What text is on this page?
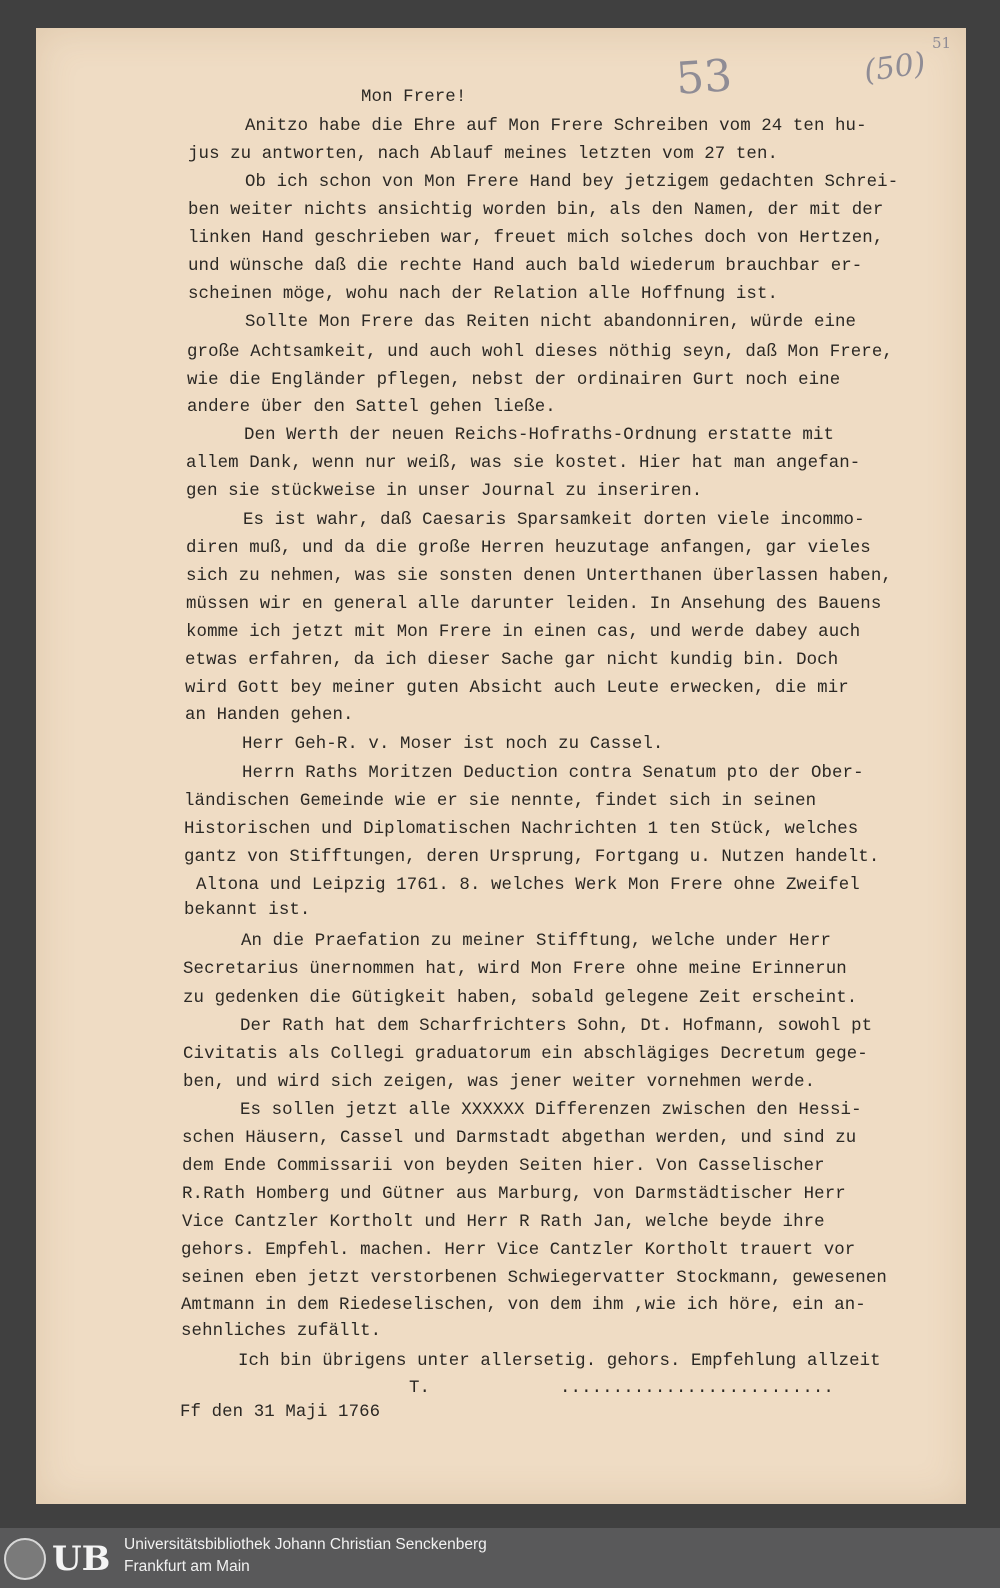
53	(50)
51
Mon Frere!
Anitzo habe die Ehre auf Mon Frere Schreiben vom 24 ten hu-
jus zu antworten, nach Ablauf meines letzten vom 27 ten.
Ob ich schon von Mon Frere Hand bey jetzigem gedachten Schrei-
ben weiter nichts ansichtig worden bin, als den Namen, der mit der
linken Hand geschrieben war, freuet mich solches doch von Hertzen,
und wünsche daß die rechte Hand auch bald wiederum brauchbar er-
scheinen möge, wohu nach der Relation alle Hoffnung ist.
Sollte Mon Frere das Reiten nicht abandonniren, würde eine
große Achtsamkeit, und auch wohl dieses nöthig seyn, daß Mon Frere,
wie die Engländer pflegen, nebst der ordinairen Gurt noch eine
andere über den Sattel gehen ließe.
Den Werth der neuen Reichs-Hofraths-Ordnung erstatte mit
allem Dank, wenn nur weiß, was sie kostet. Hier hat man angefan-
gen sie stückweise in unser Journal zu inseriren.
Es ist wahr, daß Caesaris Sparsamkeit dorten viele incommo-
diren muß, und da die große Herren heuzutage anfangen, gar vieles
sich zu nehmen, was sie sonsten denen Unterthanen überlassen haben,
müssen wir en general alle darunter leiden. In Ansehung des Bauens
komme ich jetzt mit Mon Frere in einen cas, und werde dabey auch
etwas erfahren, da ich dieser Sache gar nicht kundig bin. Doch
wird Gott bey meiner guten Absicht auch Leute erwecken, die mir
an Handen gehen.
Herr Geh-R. v. Moser ist noch zu Cassel.
Herrn Raths Moritzen Deduction contra Senatum pto der Ober-
ländischen Gemeinde wie er sie nennte, findet sich in seinen
Historischen und Diplomatischen Nachrichten 1 ten Stück, welches
gantz von Stifftungen, deren Ursprung, Fortgang u. Nutzen handelt.
Altona und Leipzig 1761. 8. welches Werk Mon Frere ohne Zweifel
bekannt ist.
An die Praefation zu meiner Stifftung, welche under Herr
Secretarius ünernommen hat, wird Mon Frere ohne meine Erinnerun
zu gedenken die Gütigkeit haben, sobald gelegene Zeit erscheint.
Der Rath hat dem Scharfrichters Sohn, Dt. Hofmann, sowohl pt
Civitatis als Collegi graduatorum ein abschlägiges Decretum gege-
ben, und wird sich zeigen, was jener weiter vornehmen werde.
Es sollen jetzt alle XXXXXX Differenzen zwischen den Hessi-
schen Häusern, Cassel und Darmstadt abgethan werden, und sind zu
dem Ende Commissarii von beyden Seiten hier. Von Casselischer
R.Rath Homberg und Gütner aus Marburg, von Darmstädtischer Herr
Vice Cantzler Kortholt und Herr R Rath Jan, welche beyde ihre
gehors. Empfehl. machen. Herr Vice Cantzler Kortholt trauert vor
seinen eben jetzt verstorbenen Schwiegervatter Stockmann, gewesenen
Amtmann in dem Riedeselischen, von dem ihm ,wie ich höre, ein an-
sehnliches zufällt.
Ich bin übrigens unter allersetig. gehors. Empfehlung allzeit
T.	..........................
Ff den 31 Maji 1766
UB Universitätsbibliothek Johann Christian Senckenberg
Frankfurt am Main
